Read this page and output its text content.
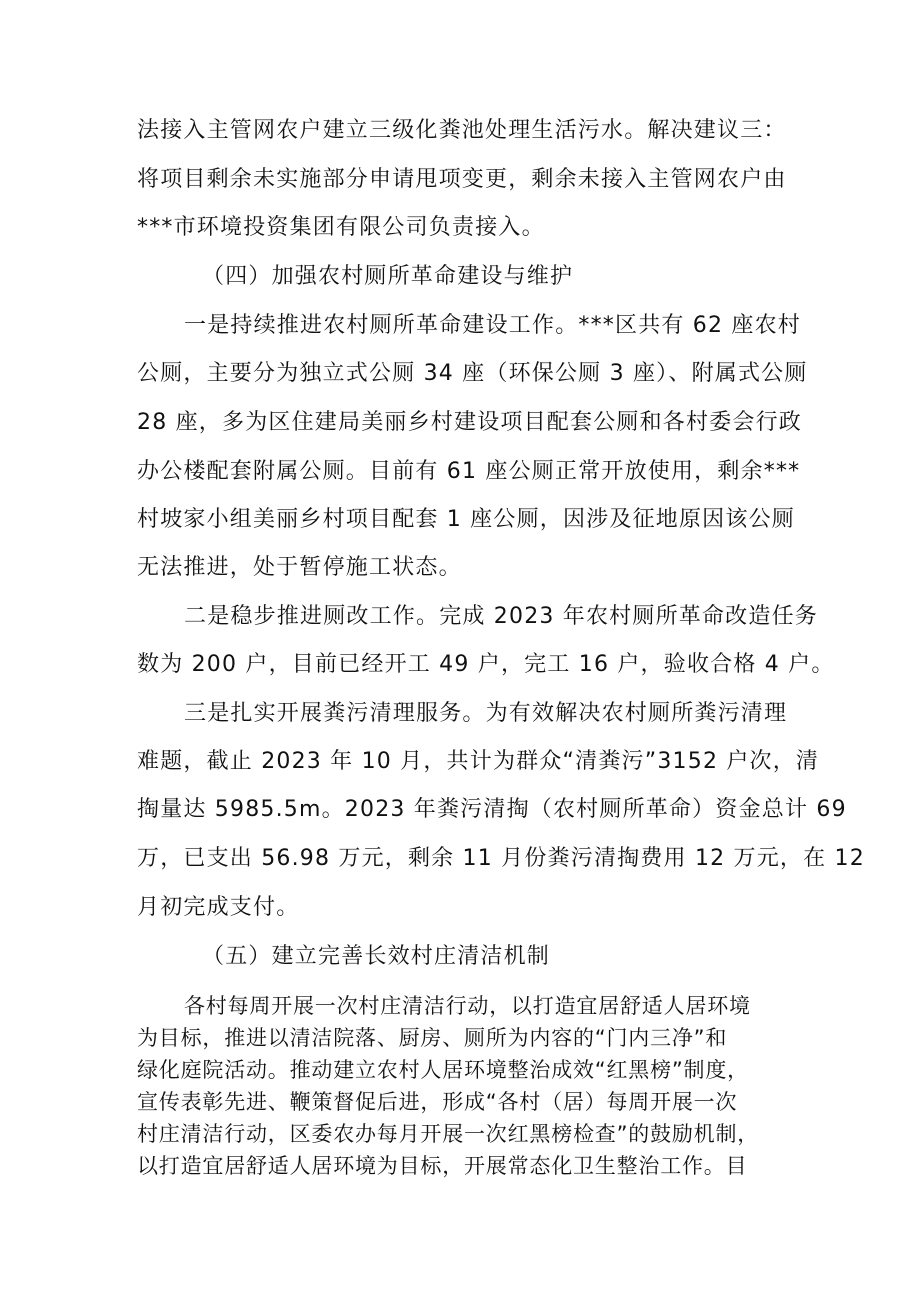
法接入主管网农户建立三级化粪池处理生活污水。解决建议三：
将项目剩余未实施部分申请甩项变更，剩余未接入主管网农户由
***市环境投资集团有限公司负责接入。
（四）加强农村厕所革命建设与维护
一是持续推进农村厕所革命建设工作。***区共有 62 座农村
公厕，主要分为独立式公厕 34 座（环保公厕 3 座）、附属式公厕
28 座，多为区住建局美丽乡村建设项目配套公厕和各村委会行政
办公楼配套附属公厕。目前有 61 座公厕正常开放使用，剩余***
村坡家小组美丽乡村项目配套 1 座公厕，因涉及征地原因该公厕
无法推进，处于暂停施工状态。
二是稳步推进厕改工作。完成 2023 年农村厕所革命改造任务
数为 200 户，目前已经开工 49 户，完工 16 户，验收合格 4 户。
三是扎实开展粪污清理服务。为有效解决农村厕所粪污清理
难题，截止 2023 年 10 月，共计为群众“清粪污”3152 户次，清
掏量达 5985.5m。2023 年粪污清掏（农村厕所革命）资金总计 69
万，已支出 56.98 万元，剩余 11 月份粪污清掏费用 12 万元，在 12
月初完成支付。
（五）建立完善长效村庄清洁机制
各村每周开展一次村庄清洁行动，以打造宜居舒适人居环境
为目标，推进以清洁院落、厨房、厕所为内容的“门内三净”和
绿化庭院活动。推动建立农村人居环境整治成效“红黑榜”制度，
宣传表彰先进、鞭策督促后进，形成“各村（居）每周开展一次
村庄清洁行动，区委农办每月开展一次红黑榜检查”的鼓励机制，
以打造宜居舒适人居环境为目标，开展常态化卫生整治工作。目
